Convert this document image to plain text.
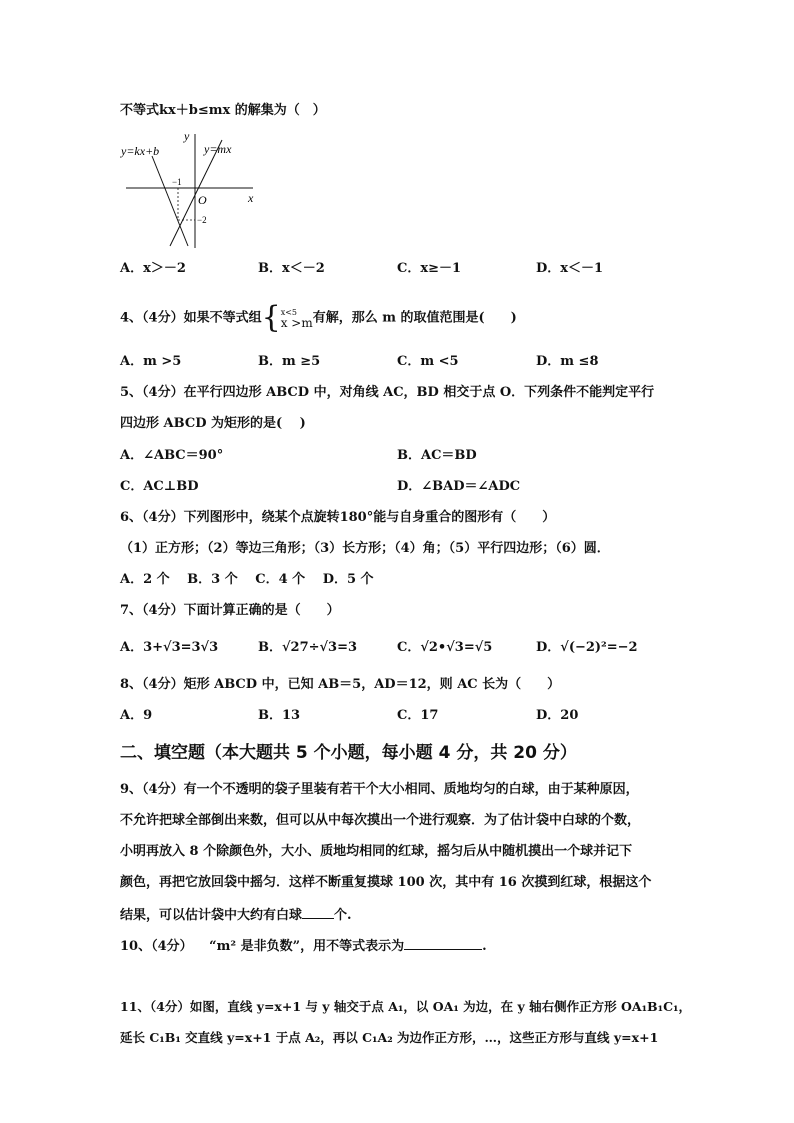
不等式kx＋b≤mx 的解集为（　）
y=kx+b	y=mx
y
x
O
−1
−2
A．x＞－2	B．x＜－2	C．x≥－1	D．x＜－1
4、（4分）如果不等式组{ x<5
x >m 有解，那么 m 的取值范围是(　　)
A．m >5	B．m ≥5	C．m <5	D．m ≤8
5、（4分）在平行四边形 ABCD 中，对角线 AC，BD 相交于点 O．下列条件不能判定平行
四边形 ABCD 为矩形的是(　 )
A．∠ABC＝90°	B．AC＝BD
C．AC⊥BD	D．∠BAD＝∠ADC
6、（4分）下列图形中，绕某个点旋转180°能与自身重合的图形有（　　）
（1）正方形；（2）等边三角形；（3）长方形；（4）角；（5）平行四边形；（6）圆．
A．2 个　 B．3 个　 C．4 个　 D．5 个
7、（4分）下面计算正确的是（　　）
A．3+√3=3√3	B．√27÷√3=3	C．√2•√3=√5	D．√(−2)²=−2
8、（4分）矩形 ABCD 中，已知 AB＝5，AD＝12，则 AC 长为（　　）
A．9	B．13	C．17	D．20
二、填空题（本大题共 5 个小题，每小题 4 分，共 20 分）
9、（4分）有一个不透明的袋子里装有若干个大小相同、质地均匀的白球，由于某种原因，
不允许把球全部倒出来数，但可以从中每次摸出一个进行观察．为了估计袋中白球的个数，
小明再放入 8 个除颜色外，大小、质地均相同的红球，摇匀后从中随机摸出一个球并记下
颜色，再把它放回袋中摇匀．这样不断重复摸球 100 次，其中有 16 次摸到红球，根据这个
结果，可以估计袋中大约有白球 个.
10、（4分） “m² 是非负数”，用不等式表示为	.
11、（4分）如图，直线 y=x+1 与 y 轴交于点 A₁，以 OA₁ 为边，在 y 轴右侧作正方形 OA₁B₁C₁，
延长 C₁B₁ 交直线 y=x+1 于点 A₂，再以 C₁A₂ 为边作正方形，…，这些正方形与直线 y=x+1
